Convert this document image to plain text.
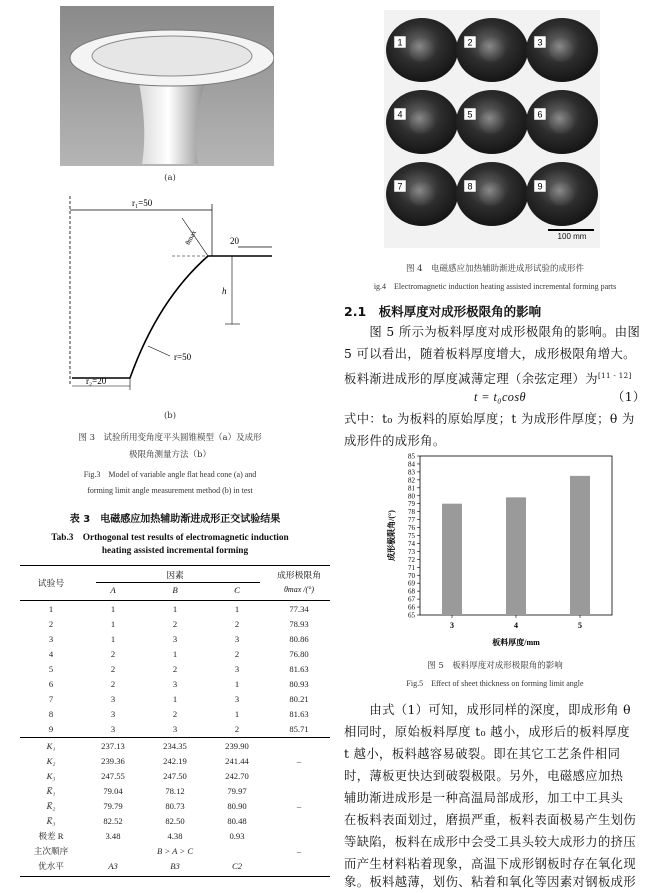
(a)
r₁=50
20
θmax
h
r=50
r₂=20
(b)
图 3　试验所用变角度平头圆锥模型（a）及成形
极限角测量方法（b）
Fig.3　Model of variable angle flat head cone (a) and
forming limit angle measurement method (b) in test
表 3　电磁感应加热辅助渐进成形正交试验结果
Tab.3　Orthogonal test results of electromagnetic induction
heating assisted incremental forming
试验号
因素
A	B	C
成形极限角
θmax /(°)
1	1	1	1	77.34
2	1	2	2	78.93
3	1	3	3	80.86
4	2	1	2	76.80
5	2	2	3	81.63
6	2	3	1	80.93
7	3	1	3	80.21
8	3	2	1	81.63
9	3	3	2	85.71
K₁	237.13	234.35	239.90	
K₂	239.36	242.19	241.44	–
K₃	247.55	247.50	242.70	
K̅₁	79.04	78.12	79.97	
K̅₂	79.79	80.73	80.90	–
K̅₃	82.52	82.50	80.48	
极差 R	3.48	4.38	0.93	
主次顺序	B > A > C			–
优水平	A3	B3	C2	
1	2	3
4	5	6
7	8	9
100 mm
图 4　电磁感应加热辅助渐进成形试验的成形件
ig.4　Electromagnetic induction heating assisted incremental forming parts
2.1　板料厚度对成形极限角的影响
　　图 5 所示为板料厚度对成形极限角的影响。由图
5 可以看出，随着板料厚度增大，成形极限角增大。
板料渐进成形的厚度减薄定理（余弦定理）为[11 - 12]
t = t₀cosθ	（1）
式中：t₀ 为板料的原始厚度；t 为成形件厚度；θ 为
成形件的成形角。
65
66
67
68
69
70
71
72
73
74
75
76
77
78
79
80
81
82
83
84
85
3	4	5
板料厚度/mm
成形极限角/(°)
图 5　板料厚度对成形极限角的影响
Fig.5　Effect of sheet thickness on forming limit angle
　　由式（1）可知，成形同样的深度，即成形角 θ
相同时，原始板料厚度 t₀ 越小，成形后的板料厚度
t 越小，板料越容易破裂。即在其它工艺条件相同
时，薄板更快达到破裂极限。另外，电磁感应加热
辅助渐进成形是一种高温局部成形，加工中工具头
在板料表面划过，磨损严重，板料表面极易产生划伤
等缺陷，板料在成形中会受工具头较大成形力的挤压
而产生材料粘着现象，高温下成形钢板时存在氧化现
象。板料越薄，划伤、粘着和氧化等因素对钢板成形
